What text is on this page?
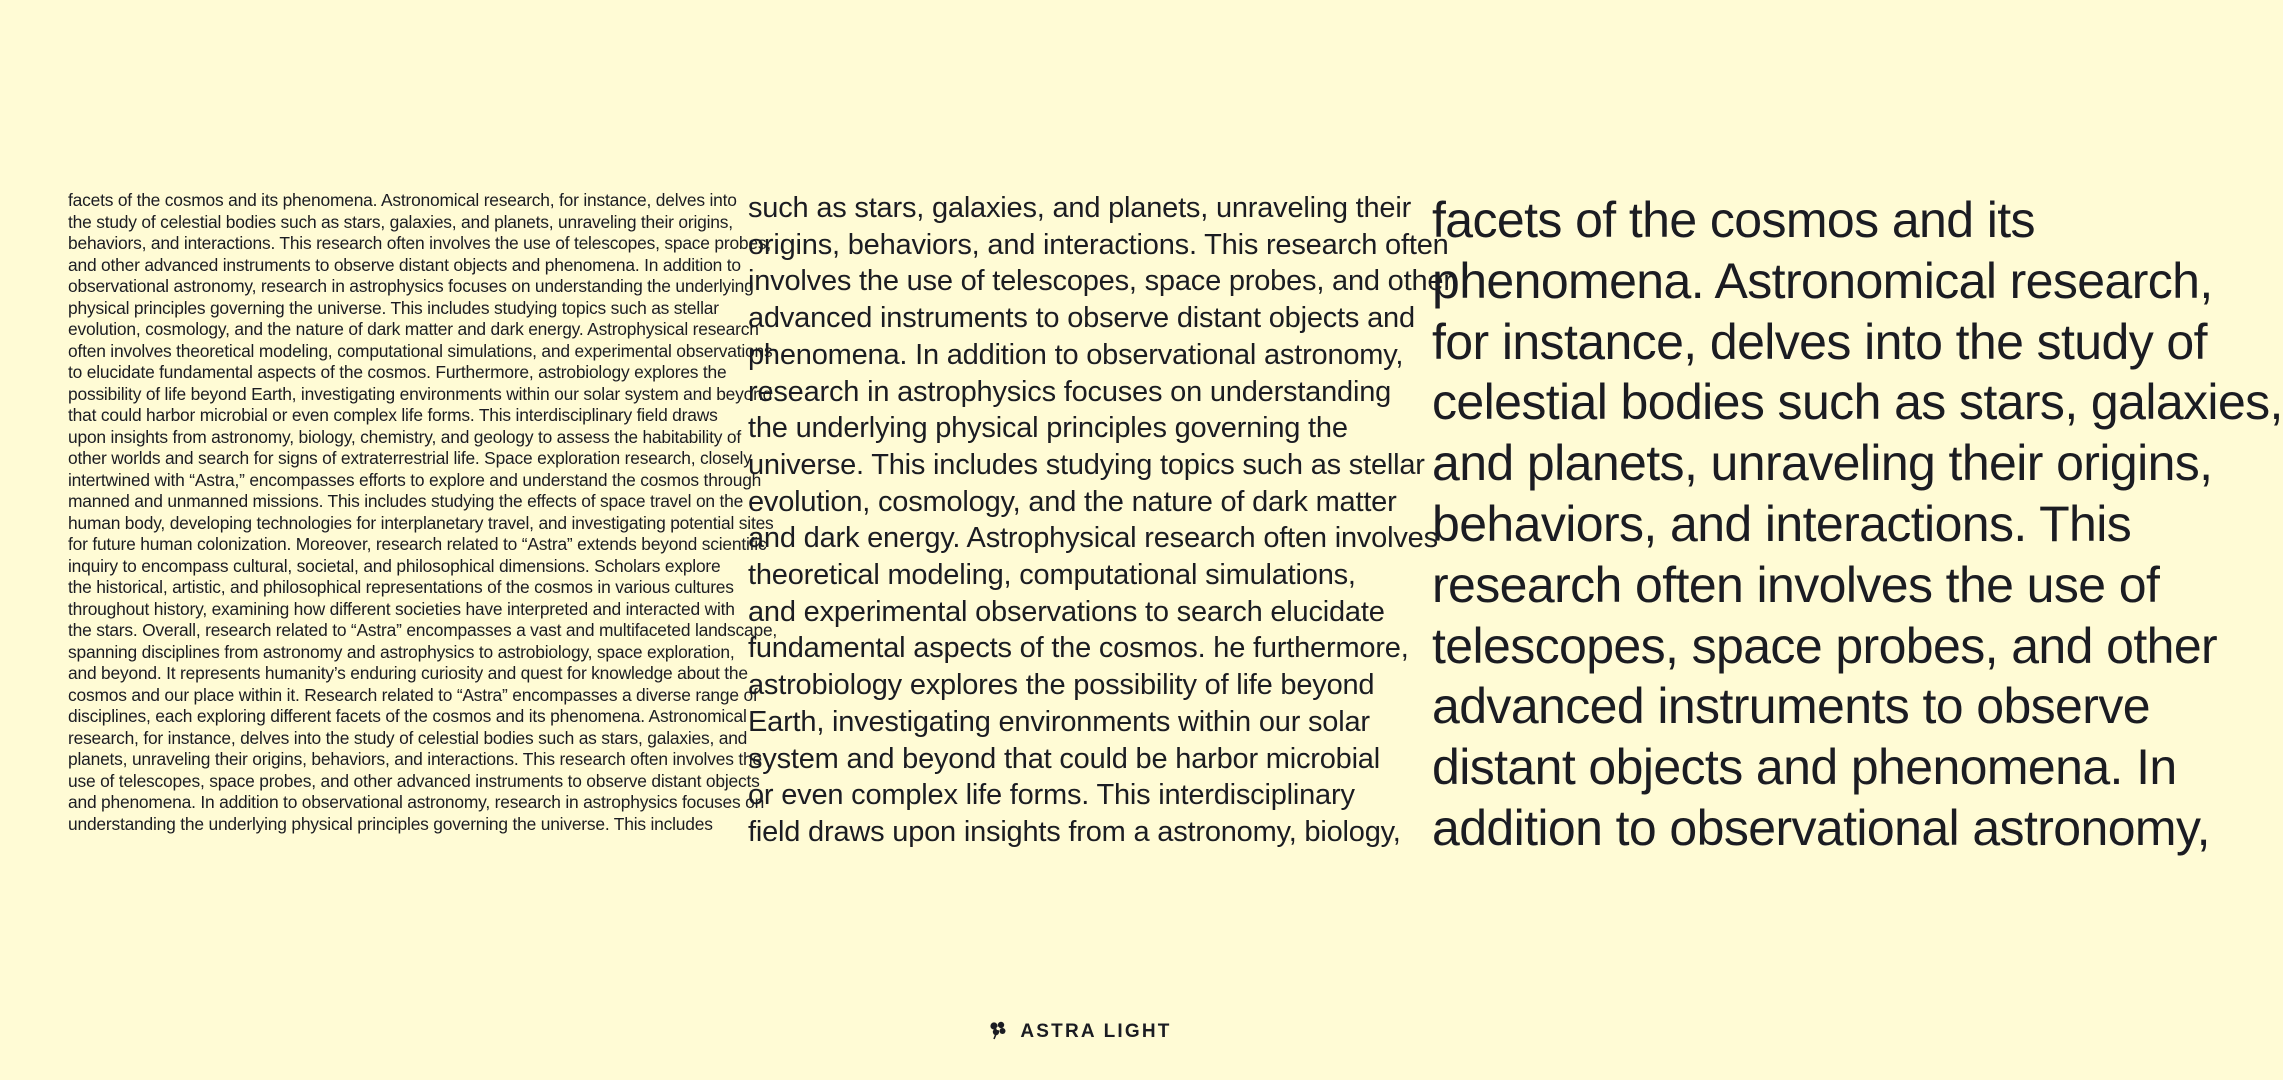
facets of the cosmos and its phenomena. Astronomical research, for instance, delves into
the study of celestial bodies such as stars, galaxies, and planets, unraveling their origins,
behaviors, and interactions. This research often involves the use of telescopes, space probes,
and other advanced instruments to observe distant objects and phenomena. In addition to
observational astronomy, research in astrophysics focuses on understanding the underlying
physical principles governing the universe. This includes studying topics such as stellar
evolution, cosmology, and the nature of dark matter and dark energy. Astrophysical research
often involves theoretical modeling, computational simulations, and experimental observations
to elucidate fundamental aspects of the cosmos. Furthermore, astrobiology explores the
possibility of life beyond Earth, investigating environments within our solar system and beyond
that could harbor microbial or even complex life forms. This interdisciplinary field draws
upon insights from astronomy, biology, chemistry, and geology to assess the habitability of
other worlds and search for signs of extraterrestrial life. Space exploration research, closely
intertwined with “Astra,” encompasses efforts to explore and understand the cosmos through
manned and unmanned missions. This includes studying the effects of space travel on the
human body, developing technologies for interplanetary travel, and investigating potential sites
for future human colonization. Moreover, research related to “Astra” extends beyond scientific
inquiry to encompass cultural, societal, and philosophical dimensions. Scholars explore
the historical, artistic, and philosophical representations of the cosmos in various cultures
throughout history, examining how different societies have interpreted and interacted with
the stars. Overall, research related to “Astra” encompasses a vast and multifaceted landscape,
spanning disciplines from astronomy and astrophysics to astrobiology, space exploration,
and beyond. It represents humanity’s enduring curiosity and quest for knowledge about the
cosmos and our place within it. Research related to “Astra” encompasses a diverse range of
disciplines, each exploring different facets of the cosmos and its phenomena. Astronomical
research, for instance, delves into the study of celestial bodies such as stars, galaxies, and
planets, unraveling their origins, behaviors, and interactions. This research often involves the
use of telescopes, space probes, and other advanced instruments to observe distant objects
and phenomena. In addition to observational astronomy, research in astrophysics focuses on
understanding the underlying physical principles governing the universe. This includes
such as stars, galaxies, and planets, unraveling their
origins, behaviors, and interactions. This research often
involves the use of telescopes, space probes, and other
advanced instruments to observe distant objects and
phenomena. In addition to observational astronomy,
research in astrophysics focuses on understanding
the underlying physical principles governing the
universe. This includes studying topics such as stellar
evolution, cosmology, and the nature of dark matter
and dark energy. Astrophysical research often involves
theoretical modeling, computational simulations,
and experimental observations to search elucidate
fundamental aspects of the cosmos. he furthermore,
astrobiology explores the possibility of life beyond
Earth, investigating environments within our solar
system and beyond that could be harbor microbial
or even complex life forms. This interdisciplinary
field draws upon insights from a astronomy, biology,
facets of the cosmos and its
phenomena. Astronomical research,
for instance, delves into the study of
celestial bodies such as stars, galaxies,
and planets, unraveling their origins,
behaviors, and interactions. This
research often involves the use of
telescopes, space probes, and other
advanced instruments to observe
distant objects and phenomena. In
addition to observational astronomy,
ASTRA LIGHT
